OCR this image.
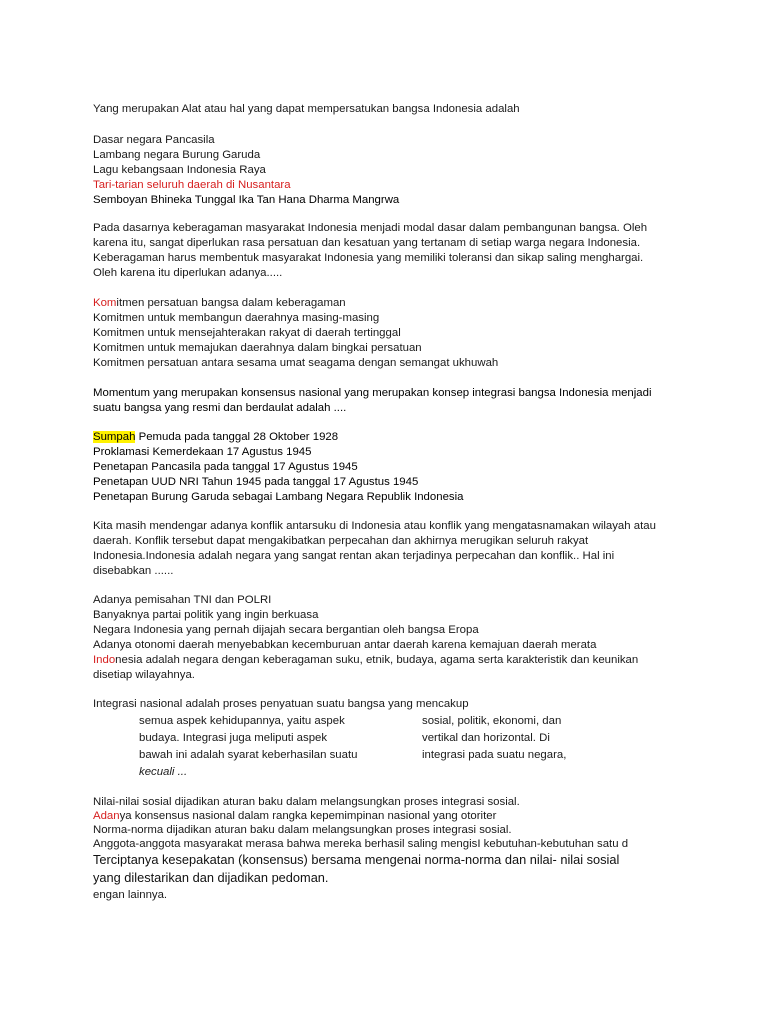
Yang merupakan Alat atau hal yang dapat mempersatukan bangsa Indonesia adalah
Dasar negara Pancasila
Lambang negara Burung Garuda
Lagu kebangsaan Indonesia Raya
Tari-tarian seluruh daerah di Nusantara
Semboyan Bhineka Tunggal Ika Tan Hana Dharma Mangrwa
Pada dasarnya keberagaman masyarakat Indonesia menjadi modal dasar dalam pembangunan bangsa. Oleh
karena itu, sangat diperlukan rasa persatuan dan kesatuan yang tertanam di setiap warga negara Indonesia.
Keberagaman harus membentuk masyarakat Indonesia yang memiliki toleransi dan sikap saling menghargai.
Oleh karena itu diperlukan adanya.....
Komitmen persatuan bangsa dalam keberagaman
Komitmen untuk membangun daerahnya masing-masing
Komitmen untuk mensejahterakan rakyat di daerah tertinggal
Komitmen untuk memajukan daerahnya dalam bingkai persatuan
Komitmen persatuan antara sesama umat seagama dengan semangat ukhuwah
Momentum yang merupakan konsensus nasional yang merupakan konsep integrasi bangsa Indonesia menjadi
suatu bangsa yang resmi dan berdaulat adalah ....
Sumpah Pemuda pada tanggal 28 Oktober 1928
Proklamasi Kemerdekaan 17 Agustus 1945
Penetapan Pancasila pada tanggal 17 Agustus 1945
Penetapan UUD NRI Tahun 1945 pada tanggal 17 Agustus 1945
Penetapan Burung Garuda sebagai Lambang Negara Republik Indonesia
Kita masih mendengar adanya konflik antarsuku di Indonesia atau konflik yang mengatasnamakan wilayah atau
daerah. Konflik tersebut dapat mengakibatkan perpecahan dan akhirnya merugikan seluruh rakyat
Indonesia.Indonesia adalah negara yang sangat rentan akan terjadinya perpecahan dan konflik.. Hal ini
disebabkan ......
Adanya pemisahan TNI dan POLRI
Banyaknya partai politik yang ingin berkuasa
Negara Indonesia yang pernah dijajah secara bergantian oleh bangsa Eropa
Adanya otonomi daerah menyebabkan kecemburuan antar daerah karena kemajuan daerah merata
Indonesia adalah negara dengan keberagaman suku, etnik, budaya, agama serta karakteristik dan keunikan
disetiap wilayahnya.
Integrasi nasional adalah proses penyatuan suatu bangsa yang mencakup
semua aspek kehidupannya, yaitu aspek
budaya. Integrasi juga meliputi aspek
bawah ini adalah syarat keberhasilan suatu
kecuali ...
sosial, politik, ekonomi, dan
vertikal dan horizontal. Di
integrasi pada suatu negara,
Nilai-nilai sosial dijadikan aturan baku dalam melangsungkan proses integrasi sosial.
Adanya konsensus nasional dalam rangka kepemimpinan nasional yang otoriter
Norma-norma dijadikan aturan baku dalam melangsungkan proses integrasi sosial.
Anggota-anggota masyarakat merasa bahwa mereka berhasil saling mengisI kebutuhan-kebutuhan satu d
Terciptanya kesepakatan (konsensus) bersama mengenai norma-norma dan nilai- nilai sosial
yang dilestarikan dan dijadikan pedoman.
engan lainnya.
